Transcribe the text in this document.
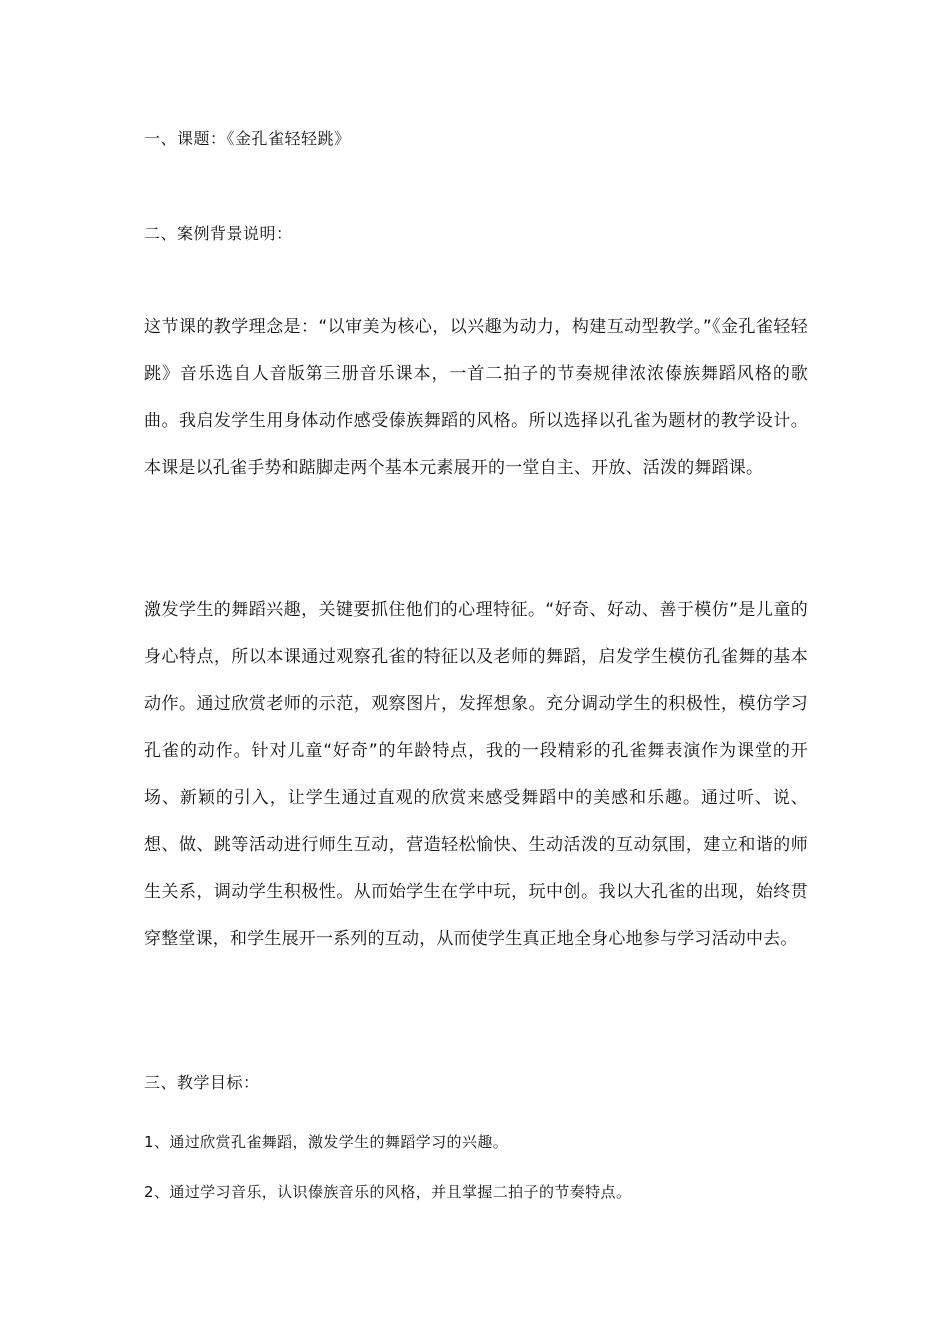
一、课题：《金孔雀轻轻跳》
二、案例背景说明：
这节课的教学理念是：“以审美为核心，以兴趣为动力，构建互动型教学。”《金孔雀轻轻跳》音乐选自人音版第三册音乐课本，一首二拍子的节奏规律浓浓傣族舞蹈风格的歌曲。我启发学生用身体动作感受傣族舞蹈的风格。所以选择以孔雀为题材的教学设计。本课是以孔雀手势和踮脚走两个基本元素展开的一堂自主、开放、活泼的舞蹈课。
激发学生的舞蹈兴趣，关键要抓住他们的心理特征。“好奇、好动、善于模仿”是儿童的身心特点，所以本课通过观察孔雀的特征以及老师的舞蹈，启发学生模仿孔雀舞的基本动作。通过欣赏老师的示范，观察图片，发挥想象。充分调动学生的积极性，模仿学习孔雀的动作。针对儿童“好奇”的年龄特点，我的一段精彩的孔雀舞表演作为课堂的开场、新颖的引入，让学生通过直观的欣赏来感受舞蹈中的美感和乐趣。通过听、说、想、做、跳等活动进行师生互动，营造轻松愉快、生动活泼的互动氛围，建立和谐的师生关系，调动学生积极性。从而始学生在学中玩，玩中创。我以大孔雀的出现，始终贯穿整堂课，和学生展开一系列的互动，从而使学生真正地全身心地参与学习活动中去。
三、教学目标：
1、通过欣赏孔雀舞蹈，激发学生的舞蹈学习的兴趣。
2、通过学习音乐，认识傣族音乐的风格，并且掌握二拍子的节奏特点。
